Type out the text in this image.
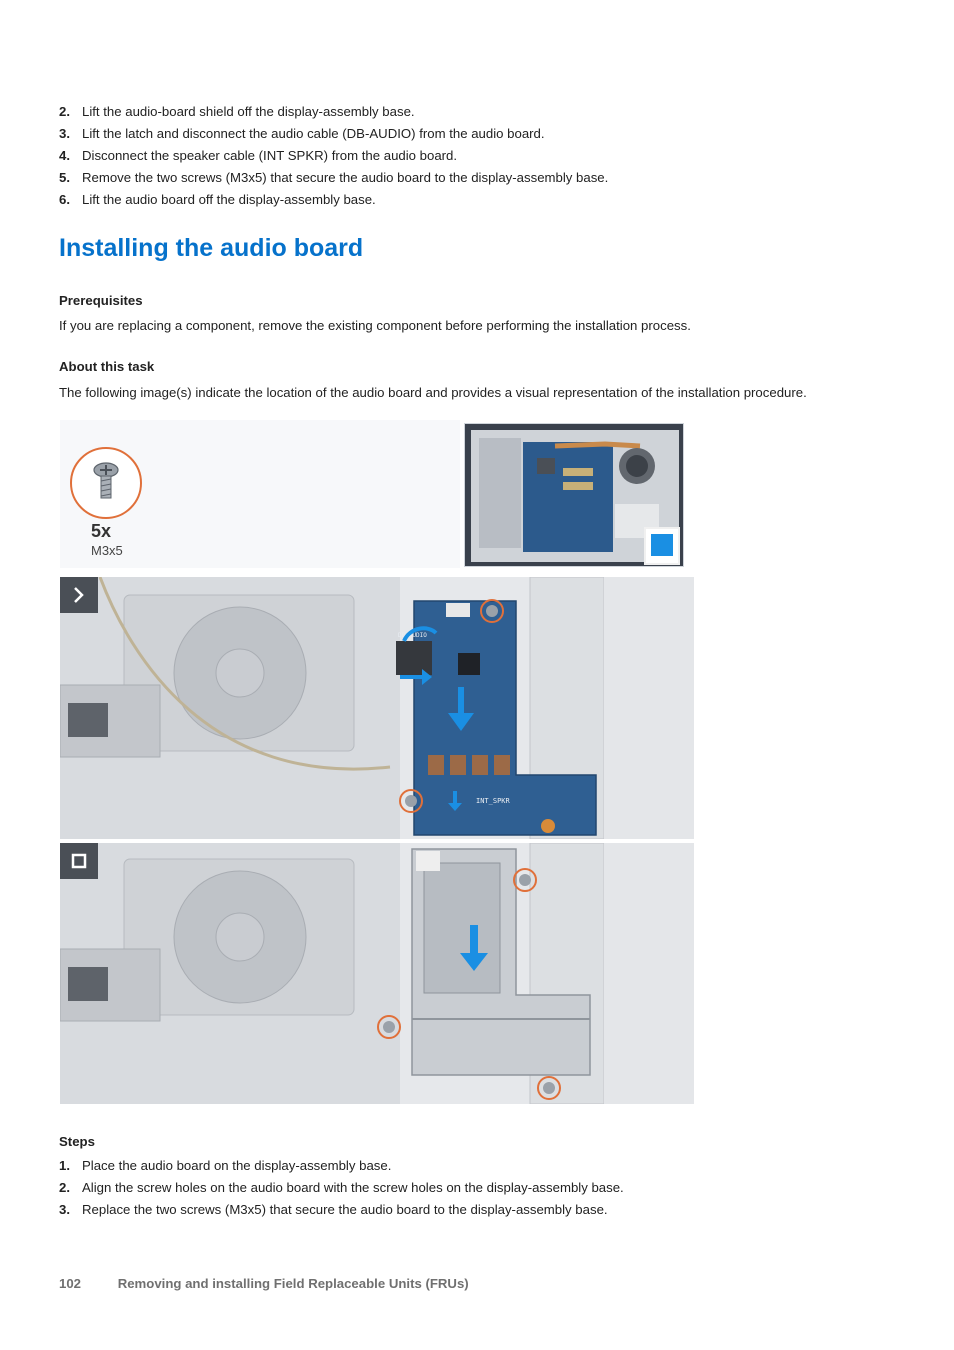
2. Lift the audio-board shield off the display-assembly base.
3. Lift the latch and disconnect the audio cable (DB-AUDIO) from the audio board.
4. Disconnect the speaker cable (INT SPKR) from the audio board.
5. Remove the two screws (M3x5) that secure the audio board to the display-assembly base.
6. Lift the audio board off the display-assembly base.
Installing the audio board
Prerequisites

If you are replacing a component, remove the existing component before performing the installation process.

About this task

The following image(s) indicate the location of the audio board and provides a visual representation of the installation procedure.

5x
M3x5
INT_SPKR
DB-AUDIO
Steps
1. Place the audio board on the display-assembly base.
2. Align the screw holes on the audio board with the screw holes on the display-assembly base.
3. Replace the two screws (M3x5) that secure the audio board to the display-assembly base.
102	Removing and installing Field Replaceable Units (FRUs)
